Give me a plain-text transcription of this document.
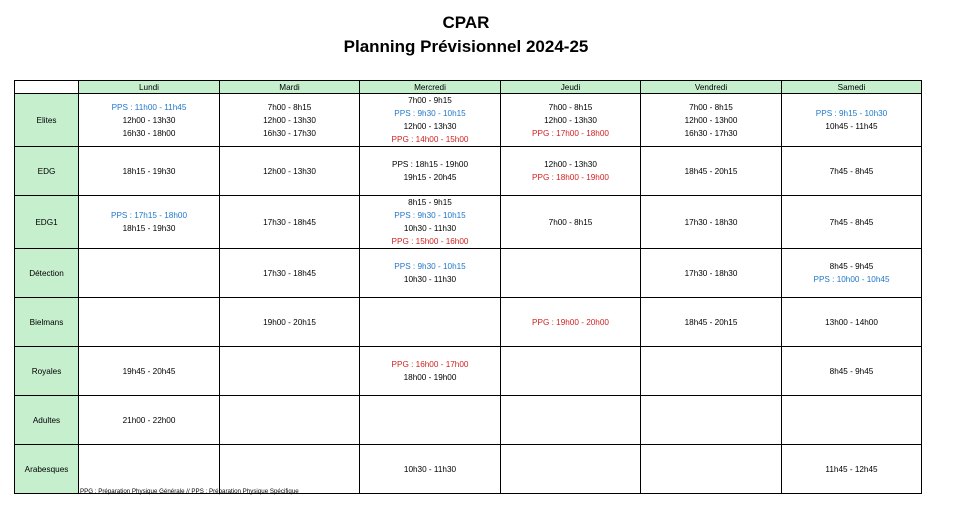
CPAR
Planning Prévisionnel 2024-25
	Lundi	Mardi	Mercredi	Jeudi	Vendredi	Samedi
Elites	PPS : 11h00 - 11h45
12h00 - 13h30
16h30 - 18h00	7h00 - 8h15
12h00 - 13h30
16h30 - 17h30	7h00 - 9h15
PPS : 9h30 - 10h15
12h00 - 13h30
PPG : 14h00 - 15h00	7h00 - 8h15
12h00 - 13h30
PPG : 17h00 - 18h00	7h00 - 8h15
12h00 - 13h00
16h30 - 17h30	PPS : 9h15 - 10h30
10h45 - 11h45

EDG	18h15 - 19h30	12h00 - 13h30	PPS : 18h15 - 19h00
19h15 - 20h45	12h00 - 13h30
PPG : 18h00 - 19h00	18h45 - 20h15	7h45 - 8h45

EDG1	PPS : 17h15 - 18h00
18h15 - 19h30	17h30 - 18h45	8h15 - 9h15
PPS : 9h30 - 10h15
10h30 - 11h30
PPG : 15h00 - 16h00	7h00 - 8h15	17h30 - 18h30	7h45 - 8h45

Détection		17h30 - 18h45	PPS : 9h30 - 10h15
10h30 - 11h30		17h30 - 18h30	8h45 - 9h45
PPS : 10h00 - 10h45

Bielmans		19h00 - 20h15		PPG : 19h00 - 20h00	18h45 - 20h15	13h00 - 14h00

Royales	19h45 - 20h45		PPG : 16h00 - 17h00
18h00 - 19h00			8h45 - 9h45

Adultes	21h00 - 22h00					

Arabesques			10h30 - 11h30			11h45 - 12h45
PPG : Préparation Physique Générale // PPS : Préparation Physique Spécifique
